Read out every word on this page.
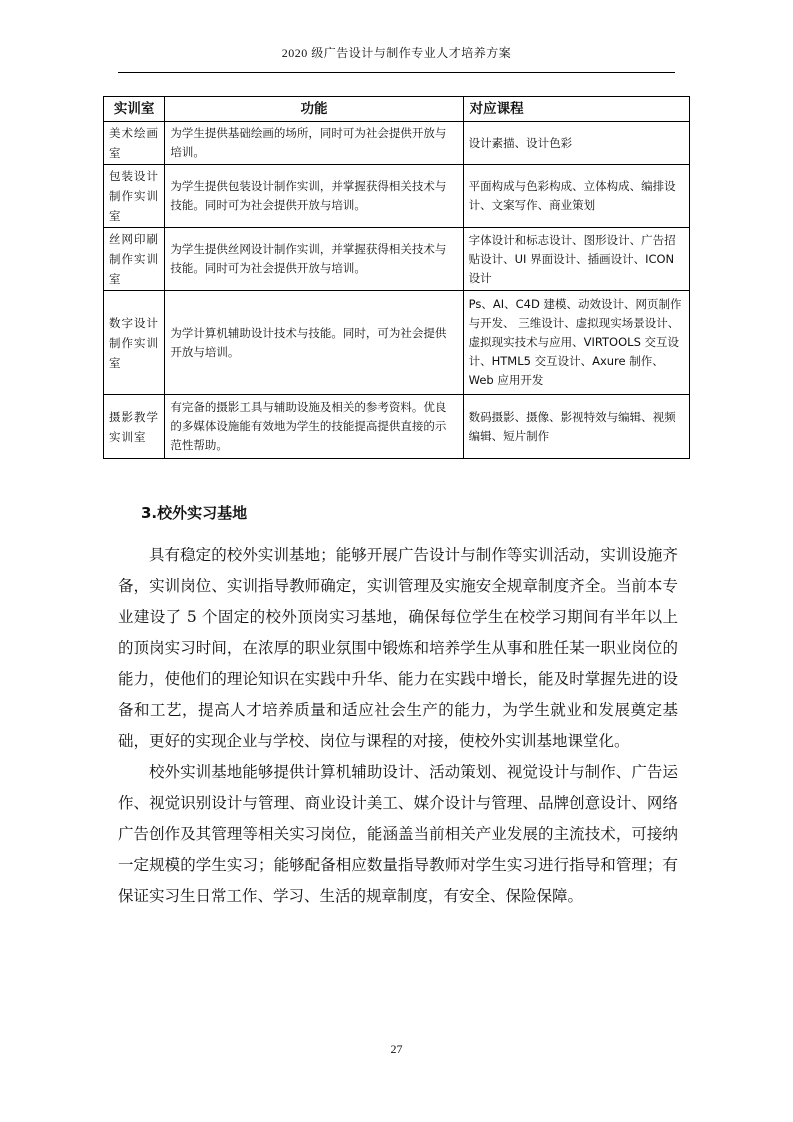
2020 级广告设计与制作专业人才培养方案
实训室	功能	对应课程
美术绘画室	为学生提供基础绘画的场所，同时可为社会提供开放与培训。	设计素描、设计色彩
包装设计制作实训室	为学生提供包装设计制作实训，并掌握获得相关技术与技能。同时可为社会提供开放与培训。	平面构成与色彩构成、立体构成、编排设计、文案写作、商业策划
丝网印刷制作实训室	为学生提供丝网设计制作实训，并掌握获得相关技术与技能。同时可为社会提供开放与培训。	字体设计和标志设计、图形设计、广告招贴设计、UI 界面设计、插画设计、ICON 设计
数字设计制作实训室	为学计算机辅助设计技术与技能。同时，可为社会提供开放与培训。	Ps、AI、C4D 建模、动效设计、网页制作与开发、 三维设计、虚拟现实场景设计、虚拟现实技术与应用、VIRTOOLS 交互设计、HTML5 交互设计、Axure 制作、Web 应用开发
摄影教学实训室	有完备的摄影工具与辅助设施及相关的参考资料。优良的多媒体设施能有效地为学生的技能提高提供直接的示范性帮助。	数码摄影、摄像、影视特效与编辑、视频编辑、短片制作
3.校外实习基地

具有稳定的校外实训基地；能够开展广告设计与制作等实训活动，实训设施齐备，实训岗位、实训指导教师确定，实训管理及实施安全规章制度齐全。当前本专业建设了 5 个固定的校外顶岗实习基地，确保每位学生在校学习期间有半年以上的顶岗实习时间，在浓厚的职业氛围中锻炼和培养学生从事和胜任某一职业岗位的能力，使他们的理论知识在实践中升华、能力在实践中增长，能及时掌握先进的设备和工艺，提高人才培养质量和适应社会生产的能力，为学生就业和发展奠定基础，更好的实现企业与学校、岗位与课程的对接，使校外实训基地课堂化。

校外实训基地能够提供计算机辅助设计、活动策划、视觉设计与制作、广告运作、视觉识别设计与管理、商业设计美工、媒介设计与管理、品牌创意设计、网络广告创作及其管理等相关实习岗位，能涵盖当前相关产业发展的主流技术，可接纳一定规模的学生实习；能够配备相应数量指导教师对学生实习进行指导和管理；有保证实习生日常工作、学习、生活的规章制度，有安全、保险保障。

27
